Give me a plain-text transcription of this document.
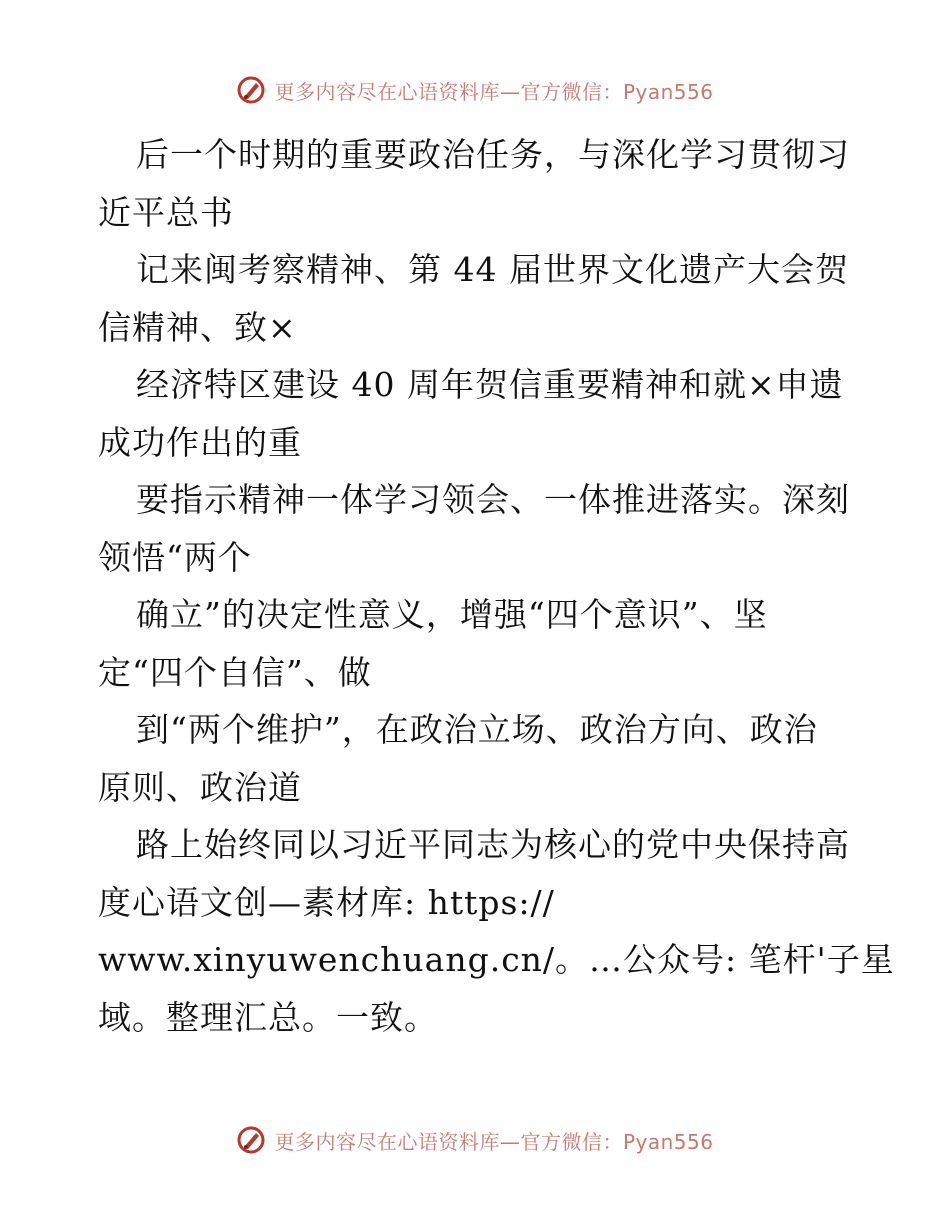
更多内容尽在心语资料库—官方微信：Pyan556
后一个时期的重要政治任务，与深化学习贯彻习
近平总书
记来闽考察精神、第 44 届世界文化遗产大会贺
信精神、致×
经济特区建设 40 周年贺信重要精神和就×申遗
成功作出的重
要指示精神一体学习领会、一体推进落实。深刻
领悟“两个
确立”的决定性意义，增强“四个意识”、坚
定“四个自信”、做
到“两个维护”，在政治立场、政治方向、政治
原则、政治道
路上始终同以习近平同志为核心的党中央保持高
度心语文创—素材库: https://
www.xinyuwenchuang.cn/。…公众号: 笔杆'子星
域。整理汇总。一致。
更多内容尽在心语资料库—官方微信：Pyan556
